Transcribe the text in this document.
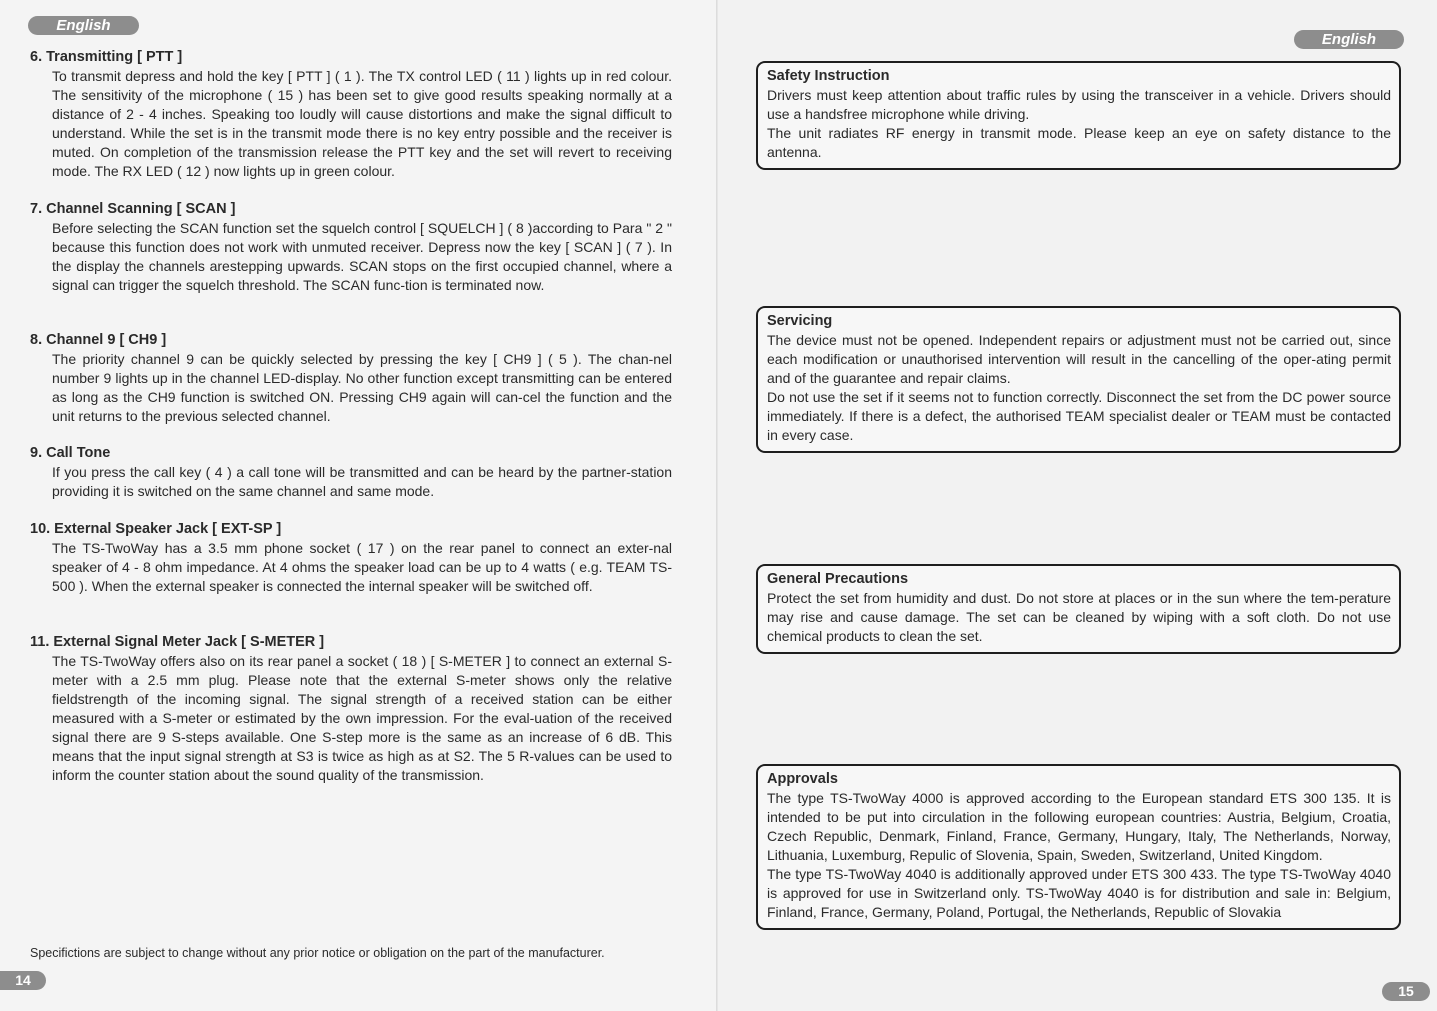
English

6. Transmitting [ PTT ]

To transmit depress and hold the key [ PTT ] ( 1 ). The TX control LED ( 11 ) lights up in red colour. The sensitivity of the microphone ( 15 ) has been set to give good results speaking normally at a distance of 2 - 4 inches. Speaking too loudly will cause distortions and make the signal difficult to understand. While the set is in the transmit mode there is no key entry possible and the receiver is muted. On completion of the transmission release the PTT key and the set will revert to receiving mode. The RX LED ( 12 ) now lights up in green colour.

7. Channel Scanning [ SCAN ]

Before selecting the SCAN function set the squelch control [ SQUELCH ] ( 8 )according to Para " 2 " because this function does not work with unmuted receiver. Depress now the key [ SCAN ] ( 7 ). In the display the channels arestepping upwards. SCAN stops on the first occupied channel, where a signal can trigger the squelch threshold. The SCAN func-tion is terminated now.

8. Channel 9 [ CH9 ]

The priority channel 9 can be quickly selected by pressing the key [ CH9 ] ( 5 ). The chan-nel number 9 lights up in the channel LED-display. No other function except transmitting can be entered as long as the CH9 function is switched ON. Pressing CH9 again will can-cel the function and the unit returns to the previous selected channel.

9. Call Tone

If you press the call key ( 4 ) a call tone will be transmitted and can be heard by the partner-station providing it is switched on the same channel and same mode.

10. External Speaker Jack [ EXT-SP ]

The TS-TwoWay has a 3.5 mm phone socket ( 17 ) on the rear panel to connect an exter-nal speaker of 4 - 8 ohm impedance. At 4 ohms the speaker load can be up to 4 watts ( e.g. TEAM TS-500 ). When the external speaker is connected the internal speaker will be switched off.

11. External Signal Meter Jack [ S-METER ]

The TS-TwoWay offers also on its rear panel a socket ( 18 ) [ S-METER ] to connect an external S-meter with a 2.5 mm plug. Please note that the external S-meter shows only the relative fieldstrength of the incoming signal. The signal strength of a received station can be either measured with a S-meter or estimated by the own impression. For the eval-uation of the received signal there are 9 S-steps available. One S-step more is the same as an increase of 6 dB. This means that the input signal strength at S3 is twice as high as at S2. The 5 R-values can be used to inform the counter station about the sound quality of the transmission.

Specifictions are subject to change without any prior notice or obligation on the part of the manufacturer.
14
English

Safety Instruction

Drivers must keep attention about traffic rules by using the transceiver in a vehicle. Drivers should use a handsfree microphone while driving.
The unit radiates RF energy in transmit mode. Please keep an eye on safety distance to the antenna.

Servicing

The device must not be opened. Independent repairs or adjustment must not be carried out, since each modification or unauthorised intervention will result in the cancelling of the oper-ating permit and of the guarantee and repair claims.
Do not use the set if it seems not to function correctly. Disconnect the set from the DC power source immediately. If there is a defect, the authorised TEAM specialist dealer or TEAM must be contacted in every case.

General Precautions

Protect the set from humidity and dust. Do not store at places or in the sun where the tem-perature may rise and cause damage. The set can be cleaned by wiping with a soft cloth. Do not use chemical products to clean the set.

Approvals

The type TS-TwoWay 4000 is approved according to the European standard ETS 300 135. It is intended to be put into circulation in the following european countries: Austria, Belgium, Croatia, Czech Republic, Denmark, Finland, France, Germany, Hungary, Italy, The Netherlands, Norway, Lithuania, Luxemburg, Repulic of Slovenia, Spain, Sweden, Switzerland, United Kingdom.
The type TS-TwoWay 4040 is additionally approved under ETS 300 433. The type TS-TwoWay 4040 is approved for use in Switzerland only. TS-TwoWay 4040 is for distribution and sale in: Belgium, Finland, France, Germany, Poland, Portugal, the Netherlands, Republic of Slovakia

15
